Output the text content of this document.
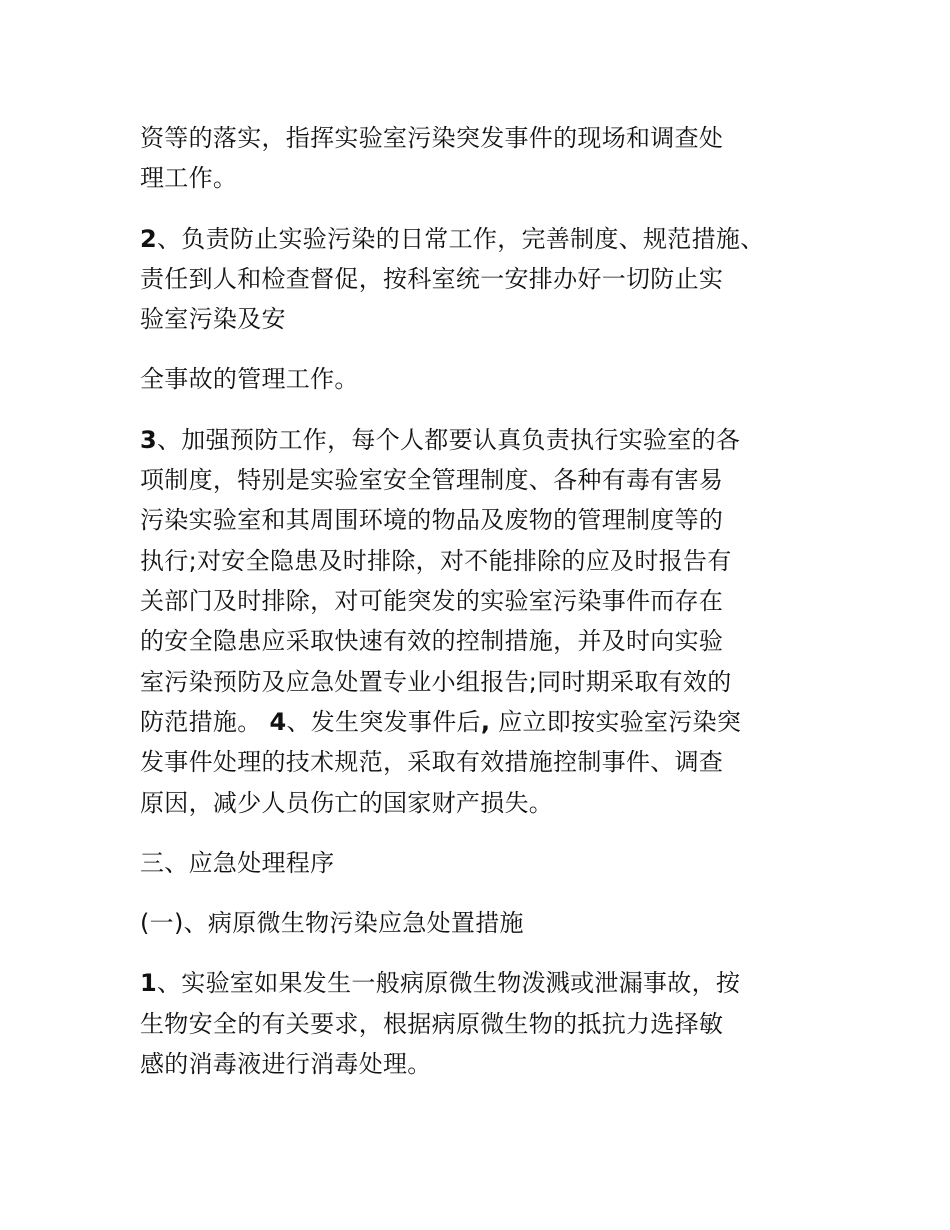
资等的落实，指挥实验室污染突发事件的现场和调查处
理工作。
2、负责防止实验污染的日常工作，完善制度、规范措施、
责任到人和检查督促，按科室统一安排办好一切防止实
验室污染及安
全事故的管理工作。
3、加强预防工作，每个人都要认真负责执行实验室的各
项制度，特别是实验室安全管理制度、各种有毒有害易
污染实验室和其周围环境的物品及废物的管理制度等的
执行;对安全隐患及时排除，对不能排除的应及时报告有
关部门及时排除，对可能突发的实验室污染事件而存在
的安全隐患应采取快速有效的控制措施，并及时向实验
室污染预防及应急处置专业小组报告;同时期采取有效的
防范措施。 4、发生突发事件后, 应立即按实验室污染突
发事件处理的技术规范，采取有效措施控制事件、调查
原因，减少人员伤亡的国家财产损失。
三、应急处理程序
(一)、病原微生物污染应急处置措施
1、实验室如果发生一般病原微生物泼溅或泄漏事故，按
生物安全的有关要求，根据病原微生物的抵抗力选择敏
感的消毒液进行消毒处理。
